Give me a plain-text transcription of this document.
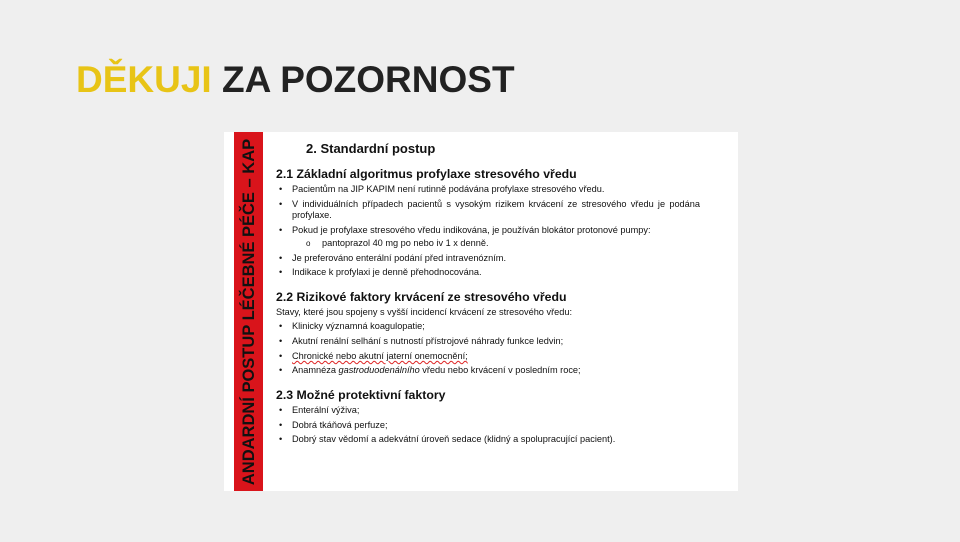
DĚKUJI ZA POZORNOST
ANDARDNÍ POSTUP LÉČEBNÉ PÉČE – KAP	2. Standardní postup
2.1 Základní algoritmus profylaxe stresového vředu
• Pacientům na JIP KAPIM není rutinně podávána profylaxe stresového vředu.
• V individuálních případech pacientů s vysokým rizikem krvácení ze stresového vředu je podána profylaxe.
• Pokud je profylaxe stresového vředu indikována, je používán blokátor protonové pumpy:
o pantoprazol 40 mg po nebo iv 1 x denně.
• Je preferováno enterální podání před intravenózním.
• Indikace k profylaxi je denně přehodnocována.
2.2 Rizikové faktory krvácení ze stresového vředu
Stavy, které jsou spojeny s vyšší incidencí krvácení ze stresového vředu:
• Klinicky významná koagulopatie;
• Akutní renální selhání s nutností přístrojové náhrady funkce ledvin;
• Chronické nebo akutní jaterní onemocnění;
• Anamnéza gastroduodenálního vředu nebo krvácení v posledním roce;
2.3 Možné protektivní faktory
• Enterální výživa;
• Dobrá tkáňová perfuze;
• Dobrý stav vědomí a adekvátní úroveň sedace (klidný a spolupracující pacient).
